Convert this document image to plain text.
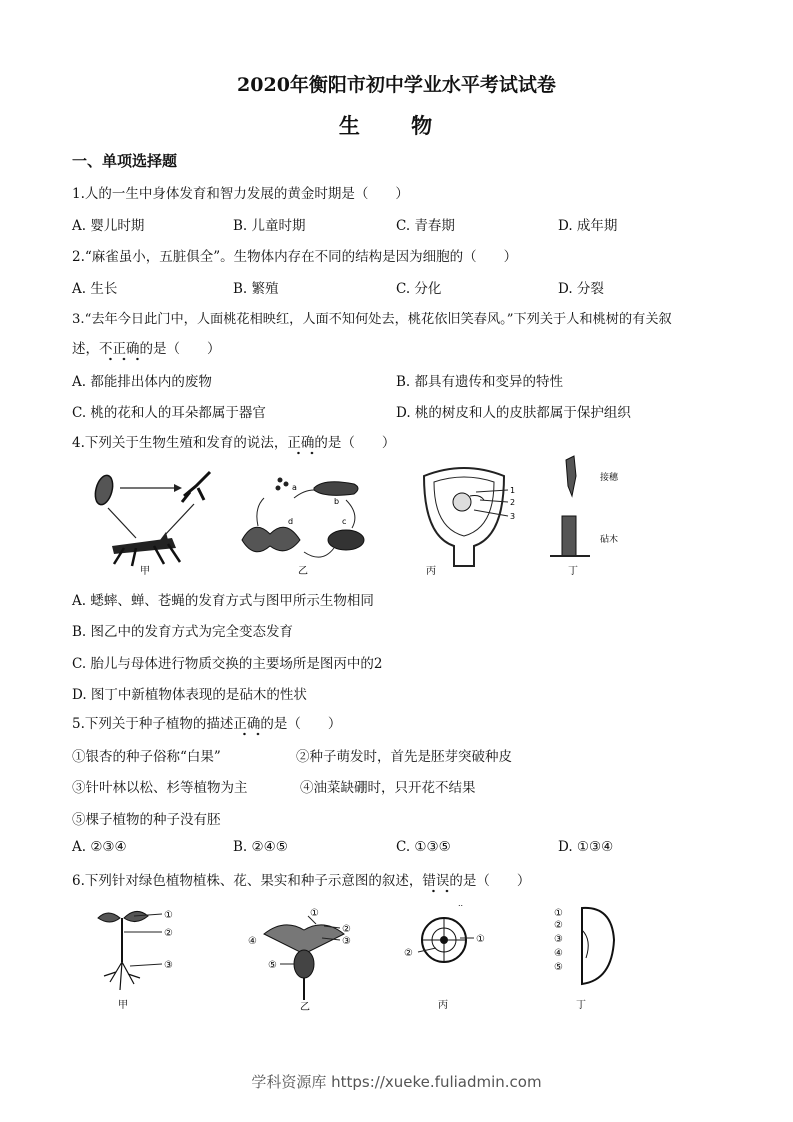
2020年衡阳市初中学业水平考试试卷
生 物
一、单项选择题
1.人的一生中身体发育和智力发展的黄金时期是（　　）
A. 婴儿时期	B. 儿童时期	C. 青春期	D. 成年期
2.“麻雀虽小，五脏俱全”。生物体内存在不同的结构是因为细胞的（　　）
A. 生长	B. 繁殖	C. 分化	D. 分裂
3.“去年今日此门中，人面桃花相映红，人面不知何处去，桃花依旧笑春风。”下列关于人和桃树的有关叙
述，不正确的是（　　）
A. 都能排出体内的废物	B. 都具有遗传和变异的特性
C. 桃的花和人的耳朵都属于器官	D. 桃的树皮和人的皮肤都属于保护组织
4.下列关于生物生殖和发育的说法，正确的是（　　）
甲
a
b
d	c
乙
1
2
3
丙
接穗
砧木
丁
A. 蟋蟀、蝉、苍蝇的发育方式与图甲所示生物相同
B. 图乙中的发育方式为完全变态发育
C. 胎儿与母体进行物质交换的主要场所是图丙中的2
D. 图丁中新植物体表现的是砧木的性状
5.下列关于种子植物的描述正确的是（　　）
①银杏的种子俗称“白果”	②种子萌发时，首先是胚芽突破种皮
③针叶林以松、杉等植物为主	④油菜缺硼时，只开花不结果
⑤棵子植物的种子没有胚
A. ②③④	B. ②④⑤	C. ①③⑤	D. ①③④
6.下列针对绿色植物植株、花、果实和种子示意图的叙述，错误的是（　　）
①
②
③
甲
①
②
③
④
⑤
乙
..
①
②
丙
①
②
③
④
⑤
丁
学科资源库 https://xueke.fuliadmin.com
